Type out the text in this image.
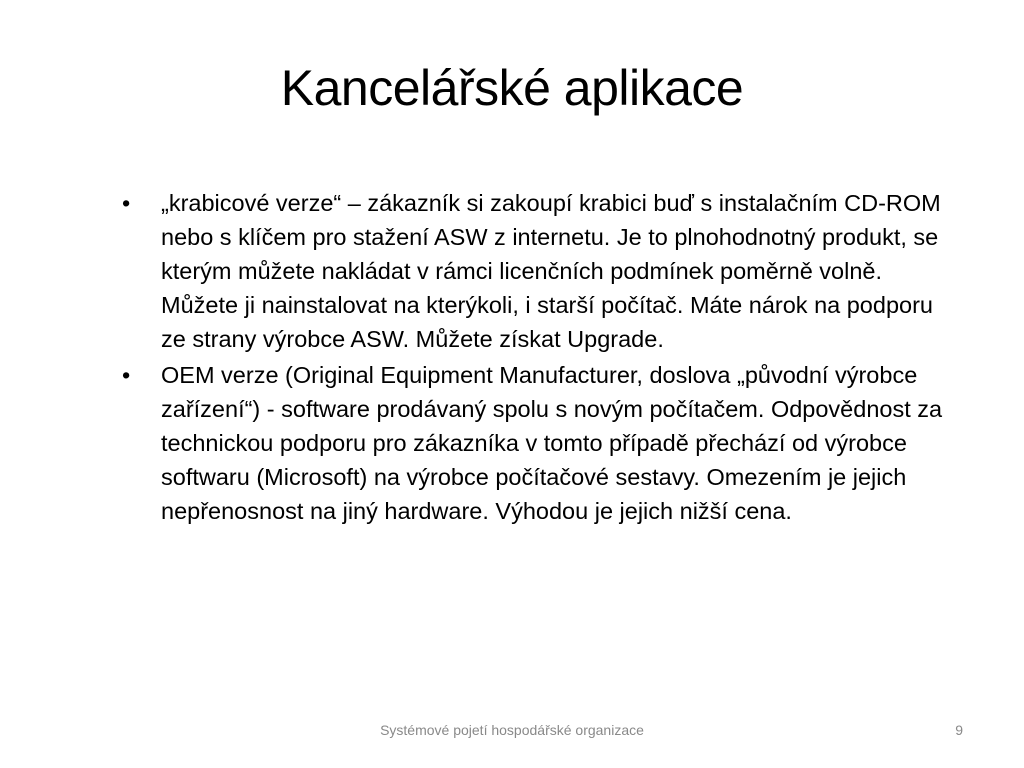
Kancelářské aplikace
• „krabicové verze“ – zákazník si zakoupí krabici buď s instalačním CD-ROM nebo s klíčem pro stažení ASW z internetu. Je to plnohodnotný produkt, se kterým můžete nakládat v rámci licenčních podmínek poměrně volně. Můžete ji nainstalovat na kterýkoli, i starší počítač. Máte nárok na podporu ze strany výrobce ASW. Můžete získat Upgrade.
• OEM verze (Original Equipment Manufacturer, doslova „původní výrobce zařízení“) - software prodávaný spolu s novým počítačem. Odpovědnost za technickou podporu pro zákazníka v tomto případě přechází od výrobce softwaru (Microsoft) na výrobce počítačové sestavy. Omezením je jejich nepřenosnost na jiný hardware. Výhodou je jejich nižší cena.
Systémové pojetí hospodářské organizace	9
